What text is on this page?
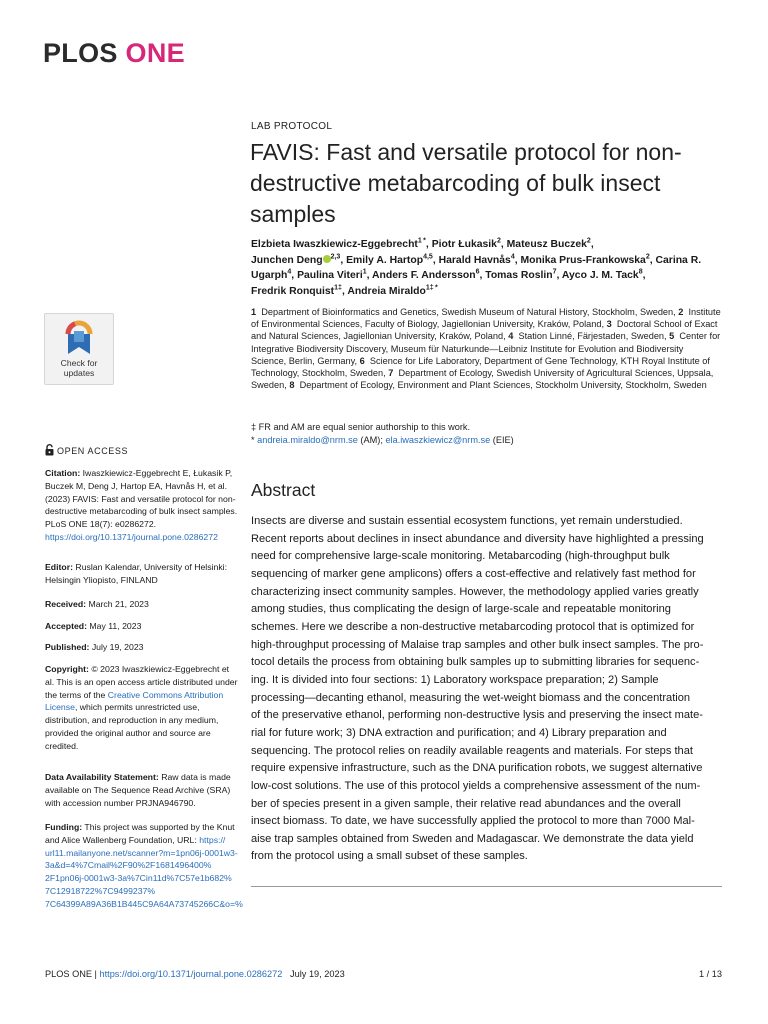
PLOS ONE
LAB PROTOCOL
FAVIS: Fast and versatile protocol for non-destructive metabarcoding of bulk insect samples
Elzbieta Iwaszkiewicz-Eggebrecht$^{1 *}$, Piotr Łukasik$^2$, Mateusz Buczek$^2$,
Junchen Deng $^{2,3}$, Emily A. Hartop$^{4,5}$, Harald Havnås$^4$, Monika Prus-Frankowska$^2$, Carina R. Ugarph$^4$, Paulina Viteri$^1$, Anders F. Andersson$^6$, Tomas Roslin$^7$, Ayco J. M. Tack$^8$,
Fredrik Ronquist$^{1\ddagger}$, Andreia Miraldo$^{1\ddagger *}$
1 Department of Bioinformatics and Genetics, Swedish Museum of Natural History, Stockholm, Sweden, 2 Institute of Environmental Sciences, Faculty of Biology, Jagiellonian University, Kraków, Poland, 3 Doctoral School of Exact and Natural Sciences, Jagiellonian University, Kraków, Poland, 4 Station Linné, Färjestaden, Sweden, 5 Center for Integrative Biodiversity Discovery, Museum für Naturkunde—Leibniz Institute for Evolution and Biodiversity Science, Berlin, Germany, 6 Science for Life Laboratory, Department of Gene Technology, KTH Royal Institute of Technology, Stockholm, Sweden, 7 Department of Ecology, Swedish University of Agricultural Sciences, Uppsala, Sweden, 8 Department of Ecology, Environment and Plant Sciences, Stockholm University, Stockholm, Sweden
‡ FR and AM are equal senior authorship to this work.
* andreia.miraldo@nrm.se (AM); ela.iwaszkiewicz@nrm.se (EIE)
Abstract
Insects are diverse and sustain essential ecosystem functions, yet remain understudied.
Recent reports about declines in insect abundance and diversity have highlighted a pressing
need for comprehensive large-scale monitoring. Metabarcoding (high-throughput bulk
sequencing of marker gene amplicons) offers a cost-effective and relatively fast method for
characterizing insect community samples. However, the methodology applied varies greatly
among studies, thus complicating the design of large-scale and repeatable monitoring
schemes. Here we describe a non-destructive metabarcoding protocol that is optimized for
high-throughput processing of Malaise trap samples and other bulk insect samples. The pro-
tocol details the process from obtaining bulk samples up to submitting libraries for sequenc-
ing. It is divided into four sections: 1) Laboratory workspace preparation; 2) Sample
processing—decanting ethanol, measuring the wet-weight biomass and the concentration
of the preservative ethanol, performing non-destructive lysis and preserving the insect mate-
rial for future work; 3) DNA extraction and purification; and 4) Library preparation and
sequencing. The protocol relies on readily available reagents and materials. For steps that
require expensive infrastructure, such as the DNA purification robots, we suggest alternative
low-cost solutions. The use of this protocol yields a comprehensive assessment of the num-
ber of species present in a given sample, their relative read abundances and the overall
insect biomass. To date, we have successfully applied the protocol to more than 7000 Mal-
aise trap samples obtained from Sweden and Madagascar. We demonstrate the data yield
from the protocol using a small subset of these samples.
Check for
updates
OPEN ACCESS
Citation: Iwaszkiewicz-Eggebrecht E, Łukasik P, Buczek M, Deng J, Hartop EA, Havnås H, et al. (2023) FAVIS: Fast and versatile protocol for non-destructive metabarcoding of bulk insect samples. PLoS ONE 18(7): e0286272. https://doi.org/10.1371/journal.pone.0286272
Editor: Ruslan Kalendar, University of Helsinki: Helsingin Yliopisto, FINLAND
Received: March 21, 2023
Accepted: May 11, 2023
Published: July 19, 2023
Copyright: © 2023 Iwaszkiewicz-Eggebrecht et al. This is an open access article distributed under the terms of the Creative Commons Attribution License, which permits unrestricted use, distribution, and reproduction in any medium, provided the original author and source are credited.
Data Availability Statement: Raw data is made available on The Sequence Read Archive (SRA) with accession number PRJNA946790.
Funding: This project was supported by the Knut and Alice Wallenberg Foundation, URL: https://
url11.mailanyone.net/scanner?m=1pn06j-0001w3-
3a&d=4%7Cmail%2F90%2F1681496400%
2F1pn06j-0001w3-3a%7Cin11d%7C57e1b682%
7C12918722%7C9499237%
7C64399A89A36B1B445C9A64A73745266C&o=%
PLOS ONE | https://doi.org/10.1371/journal.pone.0286272 July 19, 2023	1 / 13
